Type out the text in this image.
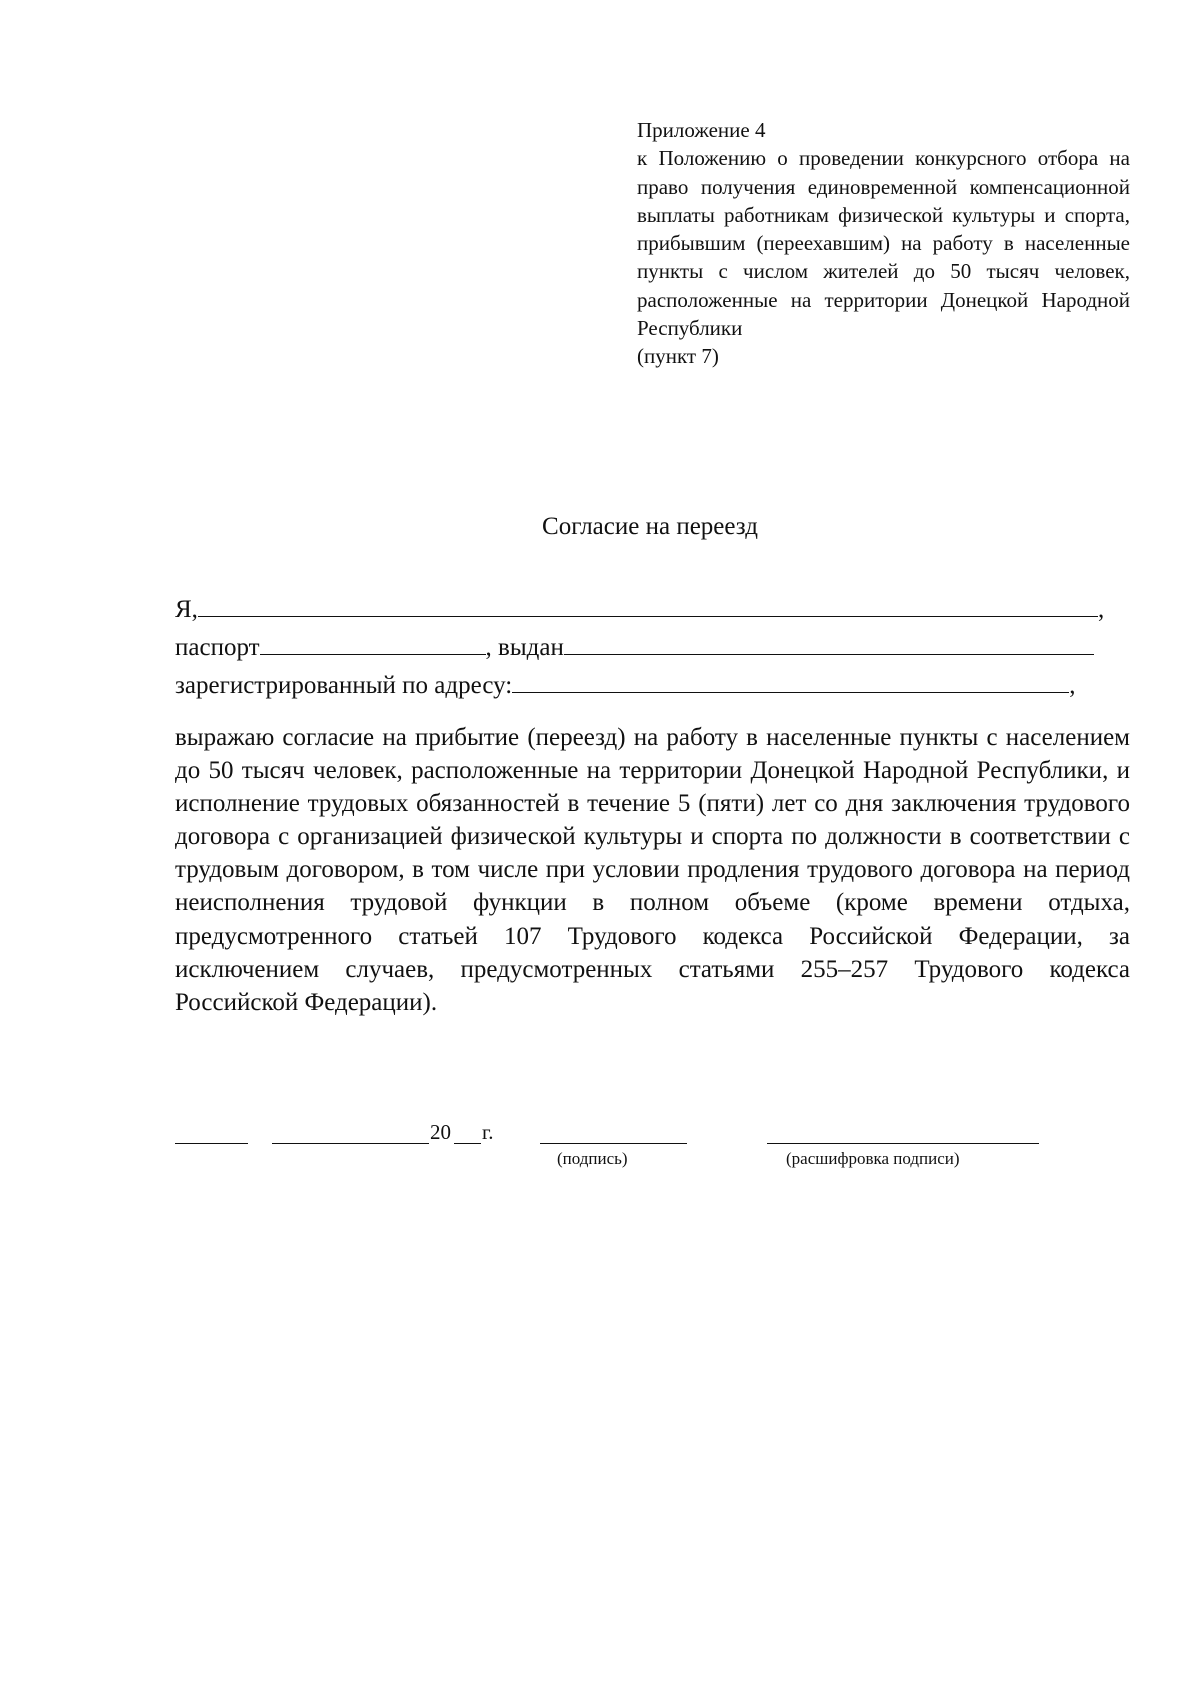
Приложение 4
к Положению о проведении конкурсного отбора на право получения единовременной компенсационной выплаты работникам физической культуры и спорта, прибывшим (переехавшим) на работу в населенные пункты с числом жителей до 50 тысяч человек, расположенные на территории Донецкой Народной Республики
(пункт 7)
Согласие на переезд
Я,	,
паспорт	, выдан
зарегистрированный по адресу:	,
выражаю согласие на прибытие (переезд) на работу в населенные пункты с населением до 50 тысяч человек, расположенные на территории Донецкой Народной Республики, и исполнение трудовых обязанностей в течение 5 (пяти) лет со дня заключения трудового договора с организацией физической культуры и спорта по должности в соответствии с трудовым договором, в том числе при условии продления трудового договора на период неисполнения трудовой функции в полном объеме (кроме времени отдыха, предусмотренного статьей 107 Трудового кодекса Российской Федерации, за исключением случаев, предусмотренных статьями 255–257 Трудового кодекса Российской Федерации).
20 г.
(подпись)	(расшифровка подписи)
